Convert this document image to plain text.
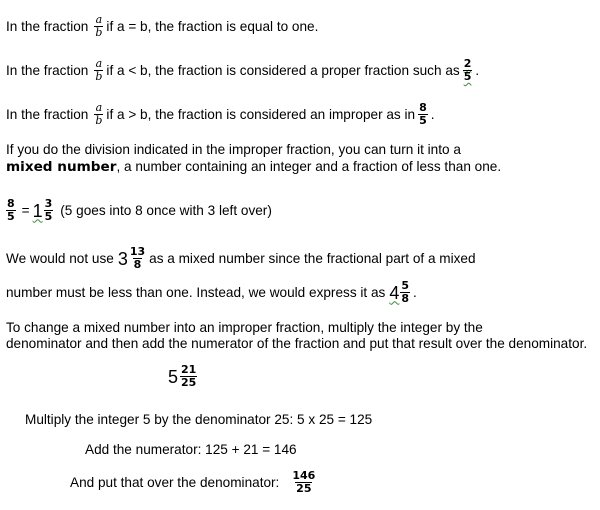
In the fraction $\frac{a}{b}$ if a = b, the fraction is equal to one.
In the fraction $\frac{a}{b}$ if a < b, the fraction is considered a proper fraction such as $\frac{2}{5}$ .
In the fraction $\frac{a}{b}$ if a > b, the fraction is considered an improper as in $\frac{8}{5}$ .
If you do the division indicated in the improper fraction, you can turn it into a
mixed number , a number containing an integer and a fraction of less than one.
$\frac{8}{5} = 1 \frac{3}{5} (5$ goes into 8 once with 3 left over)
We would not use $3 \frac{13}{8}$ as a mixed number since the fractional part of a mixed
number must be less than one. Instead, we would express it as $4 \frac{5}{8}$ .
To change a mixed number into an improper fraction, multiply the integer by the
denominator and then add the numerator of the fraction and put that result over the denominator.
$5 \frac{21}{25}$
Multiply the integer 5 by the denominator 25: 5 x 25 = 125
Add the numerator: 125 + 21 = 146
And put that over the denominator: $\frac{146}{25}$
